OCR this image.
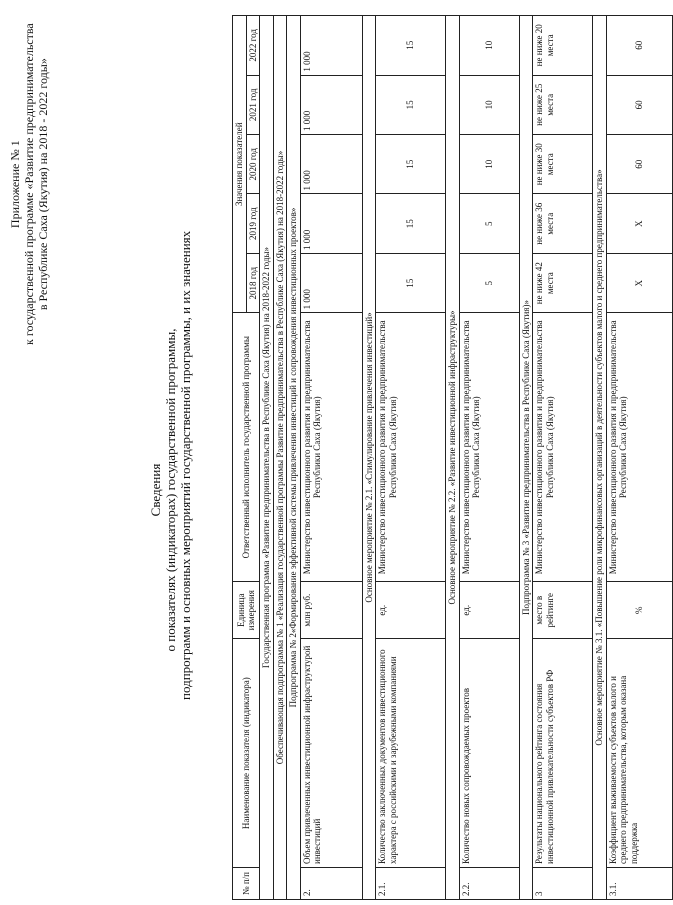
Приложение № 1 к государственной программе «Развитие предпринимательства в Республике Саха (Якутия) на 2018 - 2022 годы»
Сведения о показателях (индикаторах) государственной программы, подпрограмм и основных мероприятий государственной программы, и их значениях
№ п/п	Наименование показателя (индикатора)	Единица измерения	Ответственный исполнитель государственной программы	Значения показателей				
				2018 год	2019 год	2020 год	2021 год	2022 год
Государственная программа «Развитие предпринимательства в Республике Саха (Якутия) на 2018-2022 годы»								
Обеспечивающая подпрограмма № 1 «Реализация государственной программы Развитие предпринимательства в Республике Саха (Якутия) на 2018-2022 годы»								
Подпрограмма № 2«Формирование эффективной системы привлечения инвестиций и сопровождения инвестиционных проектов»								
2.	Объем привлеченных инвестиционной инфраструктурой инвестиций	млн руб.	Министерство инвестиционного развития и предпринимательства Республики Саха (Якутия)	1 000	1 000	1 000	1 000	1 000
Основное мероприятие № 2.1. «Стимулирование привлечения инвестиций»								
2.1.	Количество заключенных документов инвестиционного характера с российскими и зарубежными компаниями	ед.	Министерство инвестиционного развития и предпринимательства Республики Саха (Якутия)	15	15	15	15	15
Основное мероприятие № 2.2. «Развитие инвестиционной инфраструктуры»								
2.2.	Количество новых сопровождаемых проектов	ед.	Министерство инвестиционного развития и предпринимательства Республики Саха (Якутия)	5	5	10	10	10
Подпрограмма № 3 «Развитие предпринимательства в Республике Саха (Якутия)»								
3	Результаты национального рейтинга состояния инвестиционной привлекательности субъектов РФ	место в рейтинге	Министерство инвестиционного развития и предпринимательства Республики Саха (Якутия)	не ниже 42 места	не ниже 36 места	не ниже 30 места	не ниже 25 места	не ниже 20 места
Основное мероприятие № 3.1. «Повышение роли микрофинансовых организаций в деятельности субъектов малого и среднего предпринимательства»								
3.1.	Коэффициент выживаемости субъектов малого и среднего предпринимательства, которым оказана поддержка	%	Министерство инвестиционного развития и предпринимательства Республики Саха (Якутия)	Х	Х	60	60	60
